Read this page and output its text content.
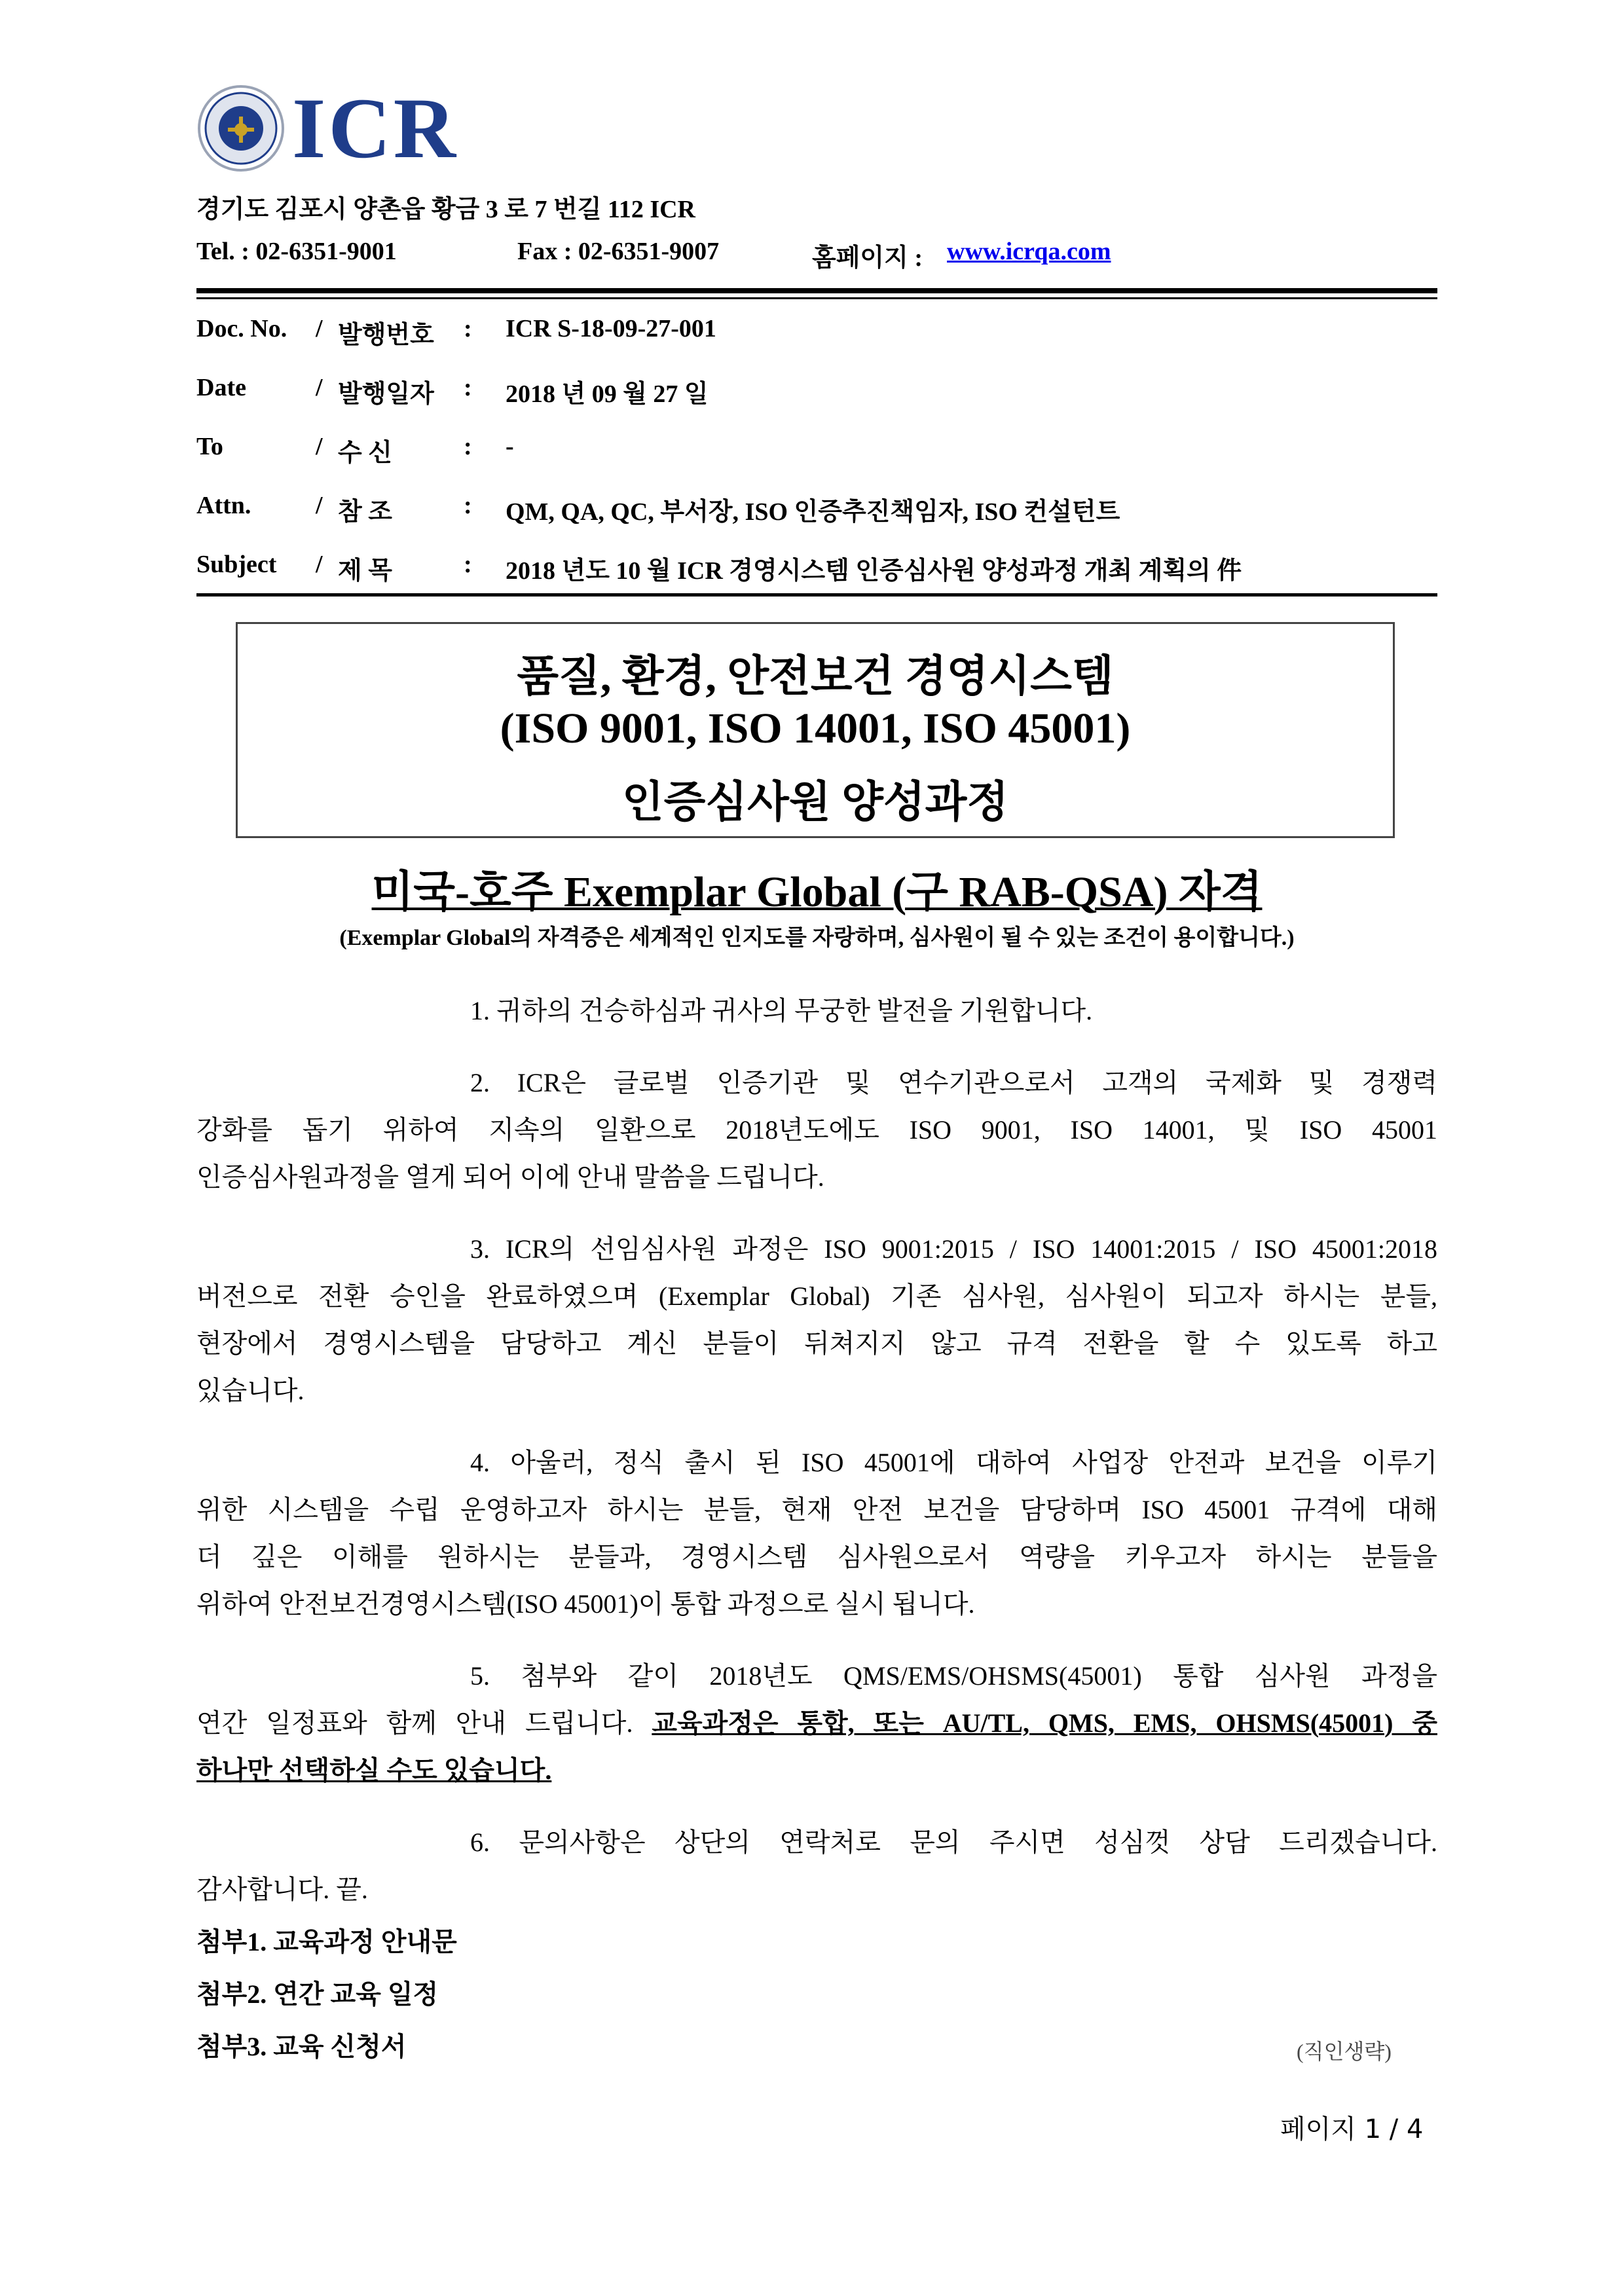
ICR
경기도 김포시 양촌읍 황금 3 로 7 번길 112 ICR
Tel. : 02-6351-9001	Fax : 02-6351-9007	홈페이지 : www.icrqa.com
Doc. No. / 발행번호 : ICR S-18-09-27-001
Date	/ 발행일자 : 2018 년 09 월 27 일
To	/ 수 신	: -
Attn.	/ 참 조	: QM, QA, QC, 부서장, ISO 인증추진책임자, ISO 컨설턴트
Subject / 제 목	: 2018 년도 10 월 ICR 경영시스템 인증심사원 양성과정 개최 계획의 件
품질, 환경, 안전보건 경영시스템
(ISO 9001, ISO 14001, ISO 45001)
인증심사원 양성과정
미국-호주 Exemplar Global (구 RAB-QSA) 자격
(Exemplar Global의 자격증은 세계적인 인지도를 자랑하며, 심사원이 될 수 있는 조건이 용이합니다.)
1. 귀하의 건승하심과 귀사의 무궁한 발전을 기원합니다.
2. ICR은 글로벌 인증기관 및 연수기관으로서 고객의 국제화 및 경쟁력
강화를 돕기 위하여 지속의 일환으로 2018년도에도 ISO 9001, ISO 14001, 및 ISO 45001
인증심사원과정을 열게 되어 이에 안내 말씀을 드립니다.
3. ICR의 선임심사원 과정은 ISO 9001:2015 / ISO 14001:2015 / ISO 45001:2018
버전으로 전환 승인을 완료하였으며 (Exemplar Global) 기존 심사원, 심사원이 되고자 하시는 분들,
현장에서 경영시스템을 담당하고 계신 분들이 뒤쳐지지 않고 규격 전환을 할 수 있도록 하고
있습니다.
4. 아울러, 정식 출시 된 ISO 45001에 대하여 사업장 안전과 보건을 이루기
위한 시스템을 수립 운영하고자 하시는 분들, 현재 안전 보건을 담당하며 ISO 45001 규격에 대해
더 깊은 이해를 원하시는 분들과, 경영시스템 심사원으로서 역량을 키우고자 하시는 분들을
위하여 안전보건경영시스템(ISO 45001)이 통합 과정으로 실시 됩니다.
5. 첨부와 같이 2018년도 QMS/EMS/OHSMS(45001) 통합 심사원 과정을
연간 일정표와 함께 안내 드립니다. 교육과정은 통합, 또는 AU/TL, QMS, EMS, OHSMS(45001) 중
하나만 선택하실 수도 있습니다.
6. 문의사항은 상단의 연락처로 문의 주시면 성심껏 상담 드리겠습니다.
감사합니다. 끝.
첨부1. 교육과정 안내문
첨부2. 연간 교육 일정
첨부3. 교육 신청서	(직인생략)
페이지 1 / 4
